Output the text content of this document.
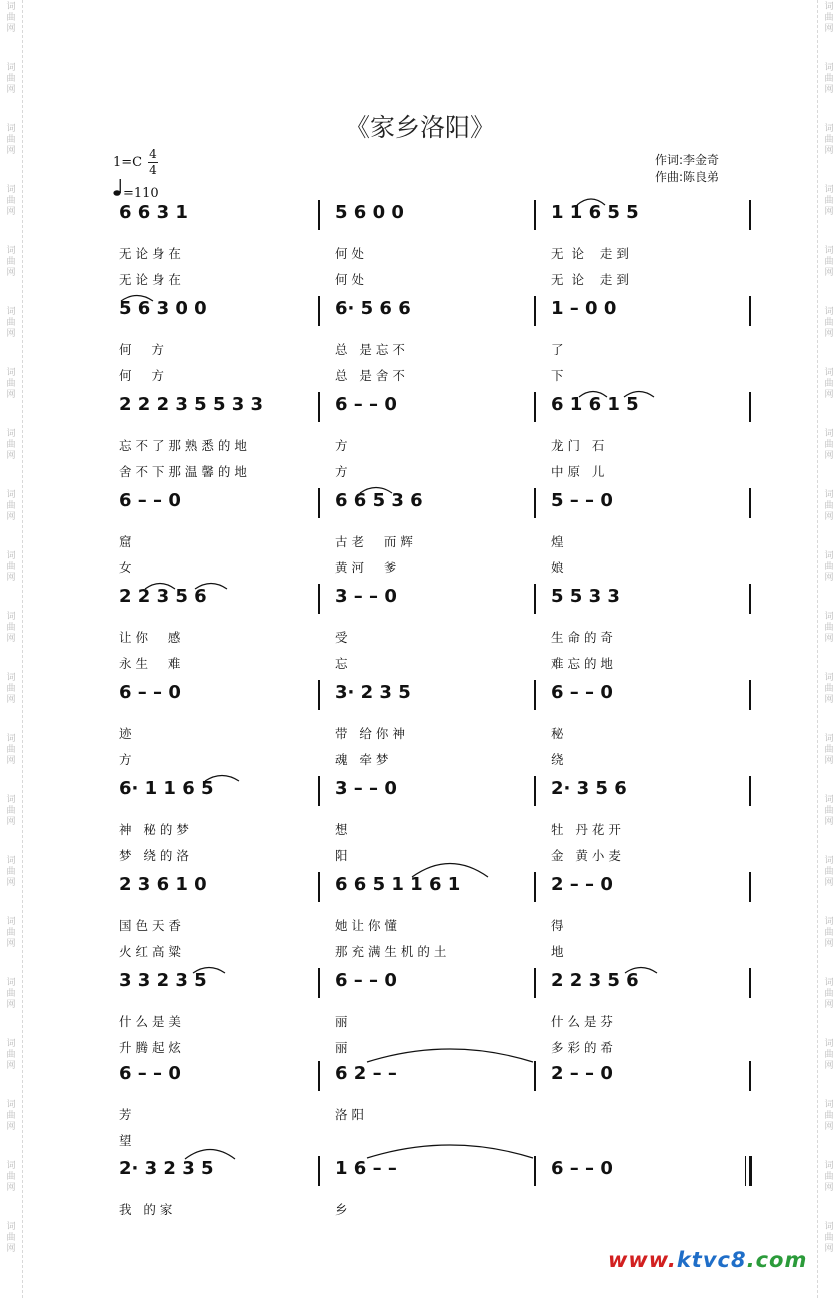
词
曲
网
词
曲
网
词
曲
网
词
曲
网
词
曲
网
词
曲
网
词
曲
网
词
曲
网
词
曲
网
词
曲
网
词
曲
网
词
曲
网
词
曲
网
词
曲
网
词
曲
网
词
曲
网
词
曲
网
词
曲
网
词
曲
网
词
曲
网
词
曲
网
词
曲
网
词
曲
网
词
曲
网
词
曲
网
词
曲
网
词
曲
网
词
曲
网
词
曲
网
词
曲
网
词
曲
网
词
曲
网
词
曲
网
词
曲
网
词
曲
网
词
曲
网
词
曲
网
词
曲
网
词
曲
网
词
曲
网
词
曲
网
词
曲
网
《家乡洛阳》
1=C
4
4
=110
作词:李金奇
作曲:陈良弟
6 6 3 1
无 论 身 在
无 论 身 在
5 6 0 0
何 处
何 处
1 1 6 5 5
无  论    走 到
无  论    走 到
5 6 3 0 0
何     方
何     方
6· 5 6 6
总   是 忘 不
总   是 舍 不
1 – 0 0
了
下
2 2 2 3 5 5 3 3
忘 不 了 那 熟 悉 的 地
舍 不 下 那 温 馨 的 地
6 – – 0
方
方
6 1 6 1 5
龙 门   石
中 原   儿
6 – – 0
窟
女
6 6 5 3 6
古 老     而 辉
黄 河     爹
5 – – 0
煌
娘
2 2 3 5 6
让 你     感
永 生     难
3 – – 0
受
忘
5 5 3 3
生 命 的 奇
难 忘 的 地
6 – – 0
迹
方
3· 2 3 5
带   给 你 神
魂   牵 梦
6 – – 0
秘
绕
6· 1 1 6 5
神   秘 的 梦
梦   绕 的 洛
3 – – 0
想
阳
2· 3 5 6
牡   丹 花 开
金   黄 小 麦
2 3 6 1 0
国 色 天 香
火 红 高 粱
6 6 5 1 1 6 1
她 让 你 懂
那 充 满 生 机 的 土
2 – – 0
得
地
3 3 2 3 5
什 么 是 美
升 腾 起 炫
6 – – 0
丽
丽
2 2 3 5 6
什 么 是 芬
多 彩 的 希
6 – – 0
芳
望
6 2 – –
洛 阳
2 – – 0
2· 3 2 3 5
我   的 家
1 6 – –
乡
6 – – 0
www.ktvc8.com
